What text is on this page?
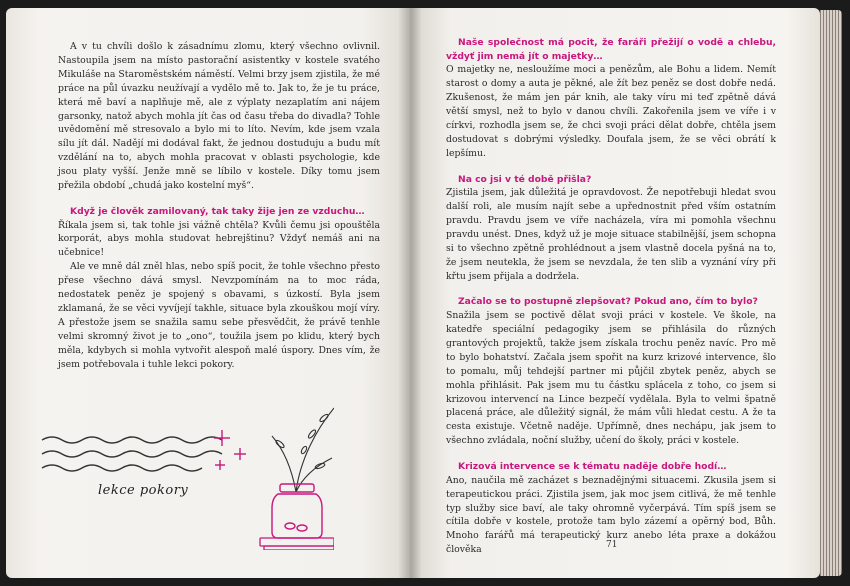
A v tu chvíli došlo k zásadnímu zlomu, který všechno ovlivnil. Nastoupila jsem na místo pastorační asistentky v kostele svatého Mikuláše na Staroměstském náměstí. Velmi brzy jsem zjistila, že mé práce na půl úvazku neužívají a vydělo mě to. Jak to, že je tu práce, která mě baví a naplňuje mě, ale z výplaty nezaplatím ani nájem garsonky, natož abych mohla jít čas od času třeba do divadla? Tohle uvědomění mě stresovalo a bylo mi to líto. Nevím, kde jsem vzala sílu jít dál. Nadějí mi dodával fakt, že jednou dostuduju a budu mít vzdělání na to, abych mohla pracovat v oblasti psychologie, kde jsou platy vyšší. Jenže mně se líbilo v kostele. Díky tomu jsem přežila období „chudá jako kostelní myš“.

Když je člověk zamilovaný, tak taky žije jen ze vzduchu…

Říkala jsem si, tak tohle jsi vážně chtěla? Kvůli čemu jsi opouštěla korporát, abys mohla studovat hebrejštinu? Vždyť nemáš ani na učebnice!

Ale ve mně dál zněl hlas, nebo spíš pocit, že tohle všechno přesto přese všechno dává smysl. Nevzpomínám na to moc ráda, nedostatek peněz je spojený s obavami, s úzkostí. Byla jsem zklamaná, že se věci vyvíjejí takhle, situace byla zkouškou mojí víry. A přestože jsem se snažila samu sebe přesvědčit, že právě tenhle velmi skromný život je to „ono“, toužila jsem po klidu, který bych měla, kdybych si mohla vytvořit alespoň malé úspory. Dnes vím, že jsem potřebovala i tuhle lekci pokory.

lekce pokory

Naše společnost má pocit, že faráři přežijí o vodě a chlebu, vždyť jim nemá jít o majetky…

O majetky ne, nesloužíme moci a penězům, ale Bohu a lidem. Nemít starost o domy a auta je pěkné, ale žít bez peněz se dost dobře nedá. Zkušenost, že mám jen pár knih, ale taky víru mi teď zpětně dává větší smysl, než to bylo v danou chvíli. Zakořenila jsem ve víře i v církvi, rozhodla jsem se, že chci svoji práci dělat dobře, chtěla jsem dostudovat s dobrými výsledky. Doufala jsem, že se věci obrátí k lepšímu.

Na co jsi v té době přišla?

Zjistila jsem, jak důležitá je opravdovost. Že nepotřebuji hledat svou další roli, ale musím najít sebe a upřednostnit před vším ostatním pravdu. Pravdu jsem ve víře nacházela, víra mi pomohla všechnu pravdu unést. Dnes, když už je moje situace stabilnější, jsem schopna si to všechno zpětně prohlédnout a jsem vlastně docela pyšná na to, že jsem neutekla, že jsem se nevzdala, že ten slib a vyznání víry při křtu jsem přijala a dodržela.

Začalo se to postupně zlepšovat? Pokud ano, čím to bylo?

Snažila jsem se poctivě dělat svoji práci v kostele. Ve škole, na katedře speciální pedagogiky jsem se přihlásila do různých grantových projektů, takže jsem získala trochu peněz navíc. Pro mě to bylo bohatství. Začala jsem spořit na kurz krizové intervence, šlo to pomalu, můj tehdejší partner mi půjčil zbytek peněz, abych se mohla přihlásit. Pak jsem mu tu částku splácela z toho, co jsem si krizovou intervencí na Lince bezpečí vydělala. Byla to velmi špatně placená práce, ale důležitý signál, že mám vůli hledat cestu. A že ta cesta existuje. Včetně naděje. Upřímně, dnes nechápu, jak jsem to všechno zvládala, noční služby, učení do školy, práci v kostele.

Krizová intervence se k tématu naděje dobře hodí…

Ano, naučila mě zacházet s beznadějnými situacemi. Zkusila jsem si terapeutickou práci. Zjistila jsem, jak moc jsem citlivá, že mě tenhle typ služby sice baví, ale taky ohromně vyčerpává. Tím spíš jsem se cítila dobře v kostele, protože tam bylo zázemí a opěrný bod, Bůh. Mnoho farářů má terapeutický kurz anebo léta praxe a dokážou člověka	71
